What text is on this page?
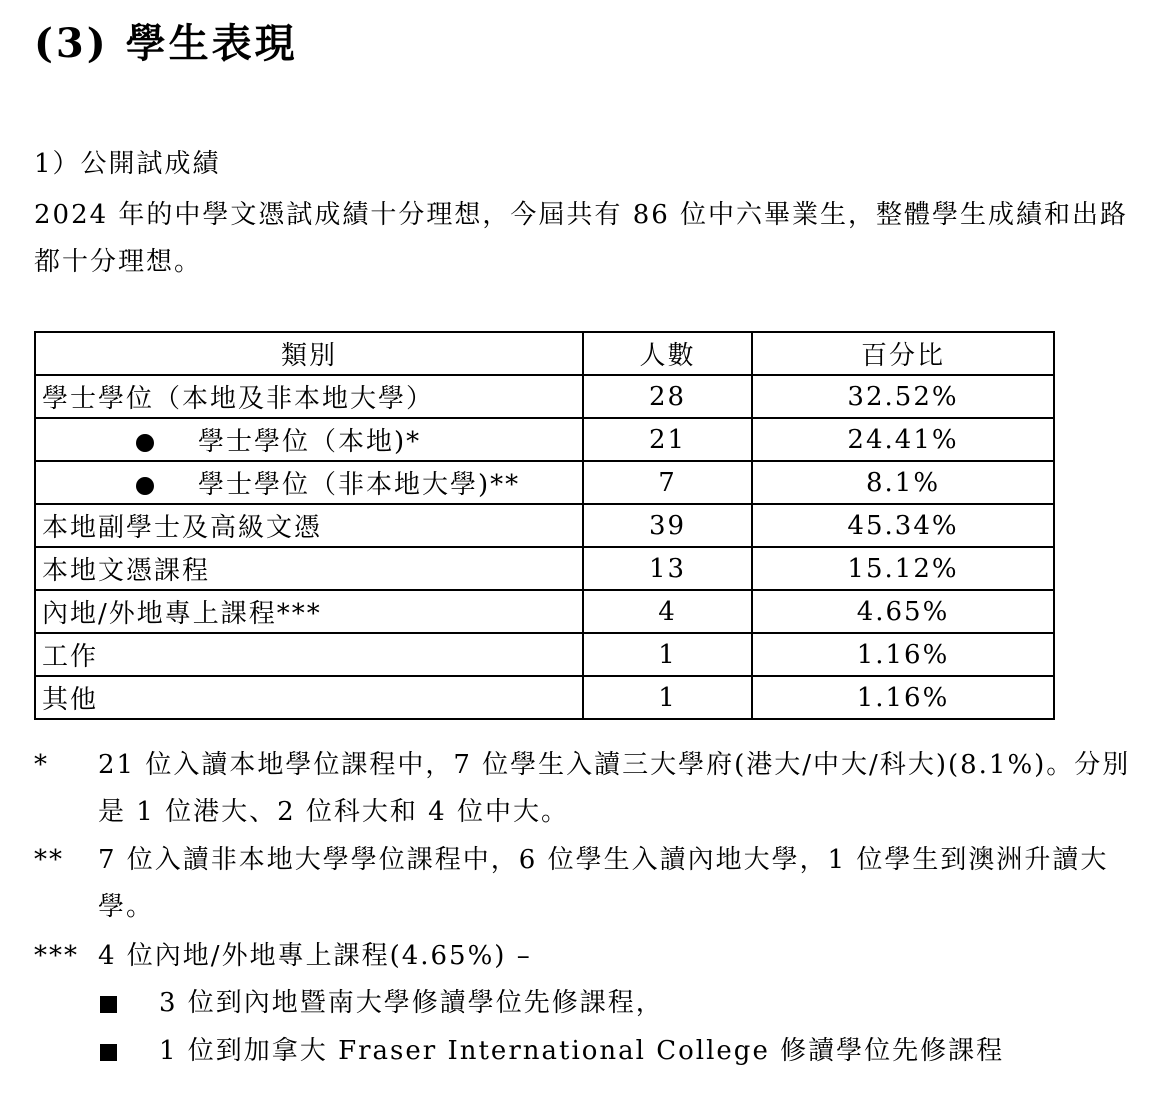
(3) 學生表現
1）公開試成績
2024 年的中學文憑試成績十分理想，今屆共有 86 位中六畢業生，整體學生成績和出路都十分理想。
類別	人數	百分比
學士學位（本地及非本地大學）	28	32.52%
學士學位（本地)*	21	24.41%
學士學位（非本地大學)**	7	8.1%
本地副學士及高級文憑	39	45.34%
本地文憑課程	13	15.12%
內地/外地專上課程***	4	4.65%
工作	1	1.16%
其他	1	1.16%
*	21 位入讀本地學位課程中，7 位學生入讀三大學府(港大/中大/科大)(8.1%)。分別是 1 位港大、2 位科大和 4 位中大。
**	7 位入讀非本地大學學位課程中，6 位學生入讀內地大學，1 位學生到澳洲升讀大學。
*** 4 位內地/外地專上課程(4.65%) –
3 位到內地暨南大學修讀學位先修課程，
1 位到加拿大 Fraser International College 修讀學位先修課程
